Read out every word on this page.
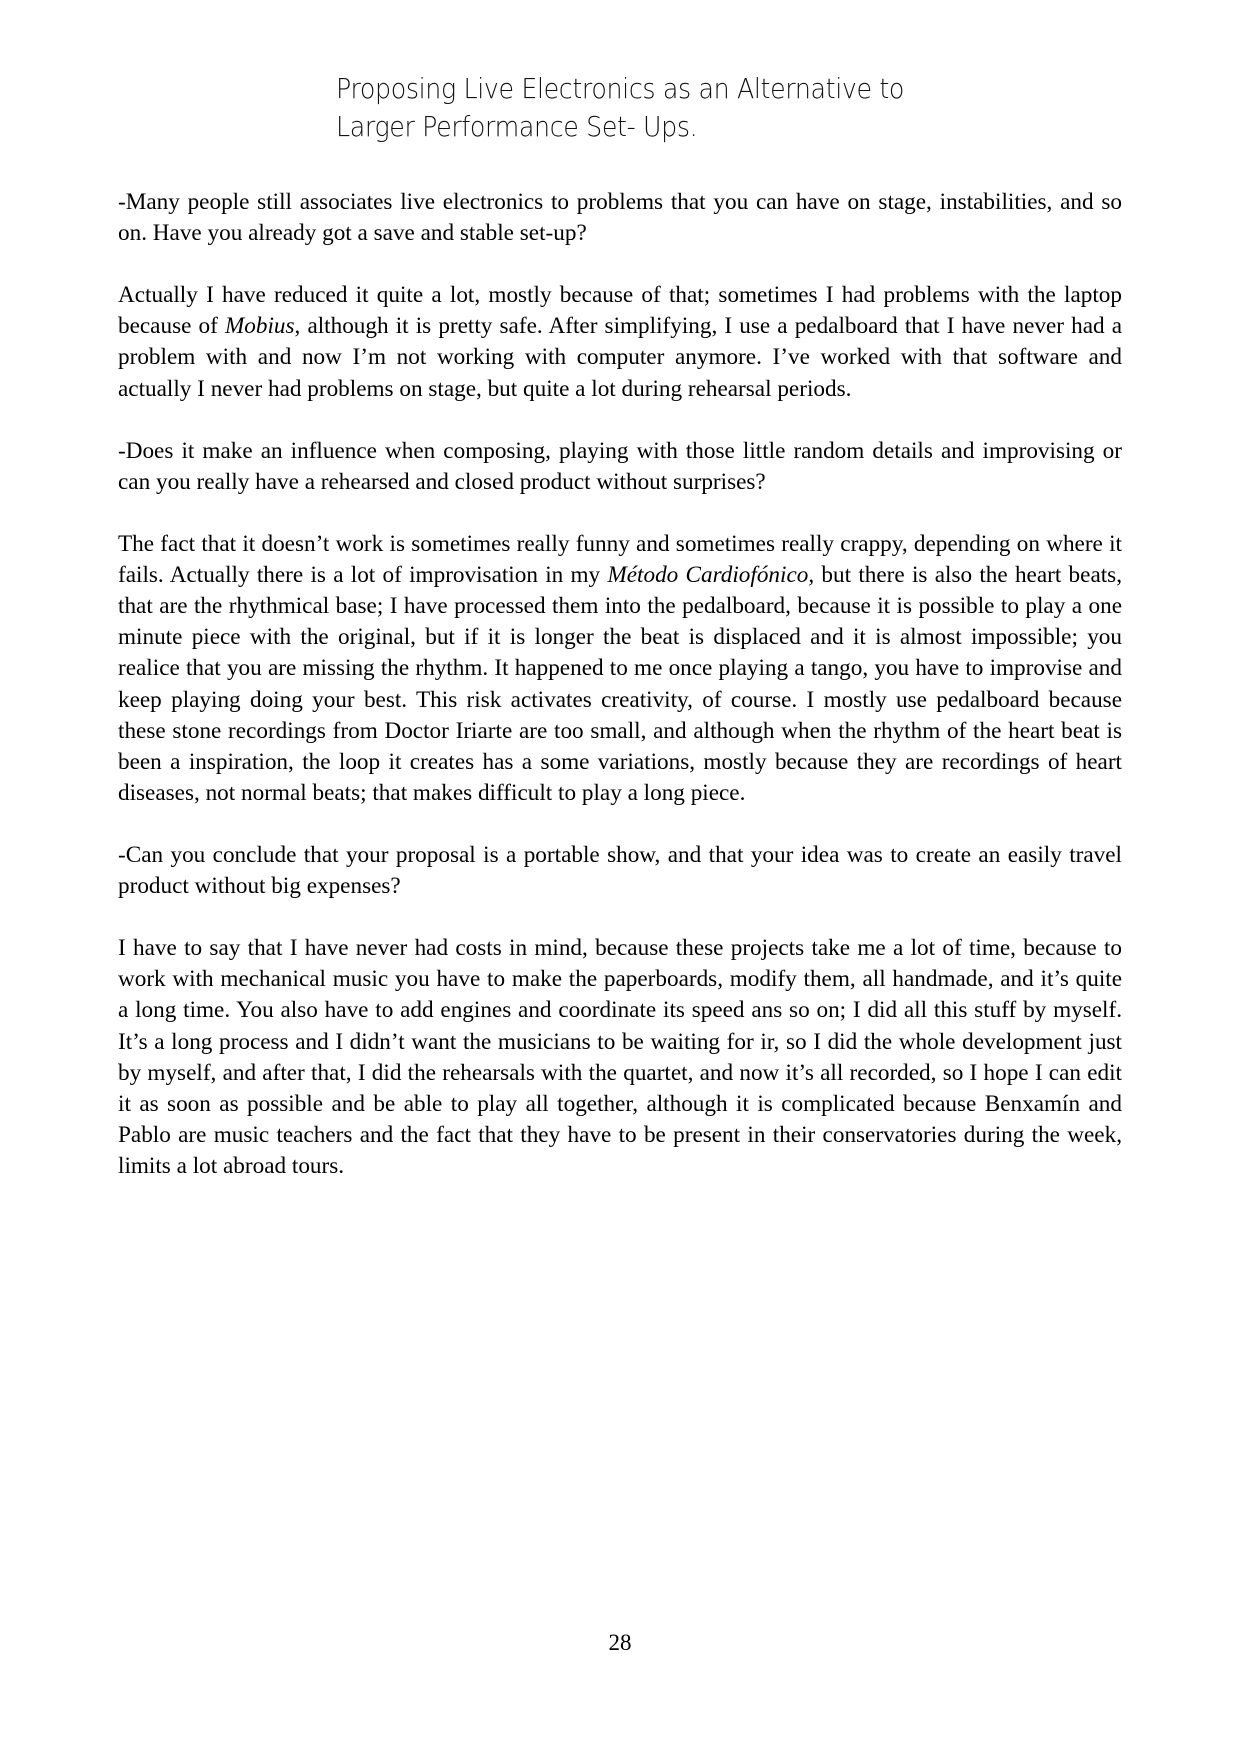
Proposing Live Electronics as an Alternative to
Larger Performance Set- Ups.

-Many people still associates live electronics to problems that you can have on stage, instabilities, and so on. Have you already got a save and stable set-up?

Actually I have reduced it quite a lot, mostly because of that; sometimes I had problems with the laptop because of Mobius, although it is pretty safe. After simplifying, I use a pedalboard that I have never had a problem with and now I’m not working with computer anymore. I’ve worked with that software and actually I never had problems on stage, but quite a lot during rehearsal periods.

-Does it make an influence when composing, playing with those little random details and improvising or can you really have a rehearsed and closed product without surprises?

The fact that it doesn’t work is sometimes really funny and sometimes really crappy, depending on where it fails. Actually there is a lot of improvisation in my Método Cardiofónico, but there is also the heart beats, that are the rhythmical base; I have processed them into the pedalboard, because it is possible to play a one minute piece with the original, but if it is longer the beat is displaced and it is almost impossible; you realice that you are missing the rhythm. It happened to me once playing a tango, you have to improvise and keep playing doing your best. This risk activates creativity, of course. I mostly use pedalboard because these stone recordings from Doctor Iriarte are too small, and although when the rhythm of the heart beat is been a inspiration, the loop it creates has a some variations, mostly because they are recordings of heart diseases, not normal beats; that makes difficult to play a long piece.

-Can you conclude that your proposal is a portable show, and that your idea was to create an easily travel product without big expenses?

I have to say that I have never had costs in mind, because these projects take me a lot of time, because to work with mechanical music you have to make the paperboards, modify them, all handmade, and it’s quite a long time. You also have to add engines and coordinate its speed ans so on; I did all this stuff by myself. It’s a long process and I didn’t want the musicians to be waiting for ir, so I did the whole development just by myself, and after that, I did the rehearsals with the quartet, and now it’s all recorded, so I hope I can edit it as soon as possible and be able to play all together, although it is complicated because Benxamín and Pablo are music teachers and the fact that they have to be present in their conservatories during the week, limits a lot abroad tours.

28
